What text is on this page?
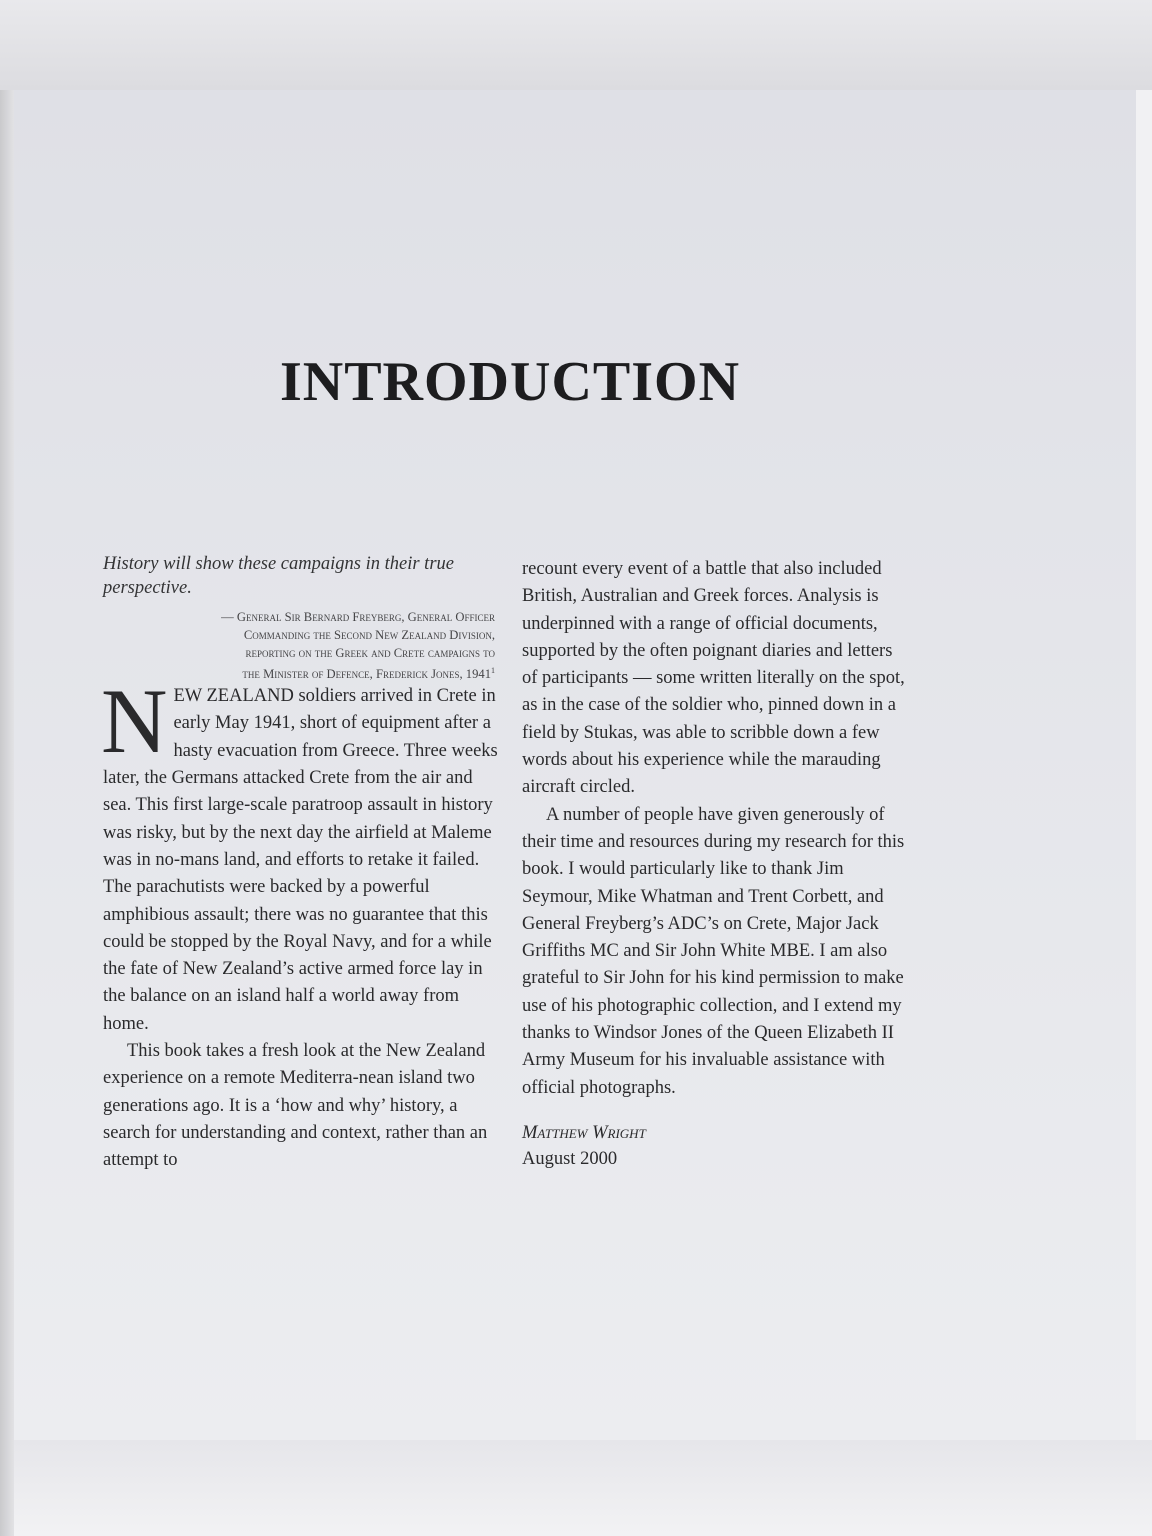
INTRODUCTION

History will show these campaigns in their true perspective.

— General Sir Bernard Freyberg, General Officer
Commanding the Second New Zealand Division,
reporting on the Greek and Crete campaigns to
the Minister of Defence, Frederick Jones, 1941$^1$

NEW ZEALAND soldiers arrived in Crete in early May 1941, short of equipment after a hasty evacuation from Greece. Three weeks later, the Germans attacked Crete from the air and sea. This first large-scale paratroop assault in history was risky, but by the next day the airfield at Maleme was in no-mans land, and efforts to retake it failed. The parachutists were backed by a powerful amphibious assault; there was no guarantee that this could be stopped by the Royal Navy, and for a while the fate of New Zealand’s active armed force lay in the balance on an island half a world away from home.

This book takes a fresh look at the New Zealand experience on a remote Mediterra-nean island two generations ago. It is a ‘how and why’ history, a search for understanding and context, rather than an attempt to

recount every event of a battle that also included British, Australian and Greek forces. Analysis is underpinned with a range of official documents, supported by the often poignant diaries and letters of participants — some written literally on the spot, as in the case of the soldier who, pinned down in a field by Stukas, was able to scribble down a few words about his experience while the marauding aircraft circled.

A number of people have given generously of their time and resources during my research for this book. I would particularly like to thank Jim Seymour, Mike Whatman and Trent Corbett, and General Freyberg’s ADC’s on Crete, Major Jack Griffiths MC and Sir John White MBE. I am also grateful to Sir John for his kind permission to make use of his photographic collection, and I extend my thanks to Windsor Jones of the Queen Elizabeth II Army Museum for his invaluable assistance with official photographs.

Matthew Wright

August 2000
